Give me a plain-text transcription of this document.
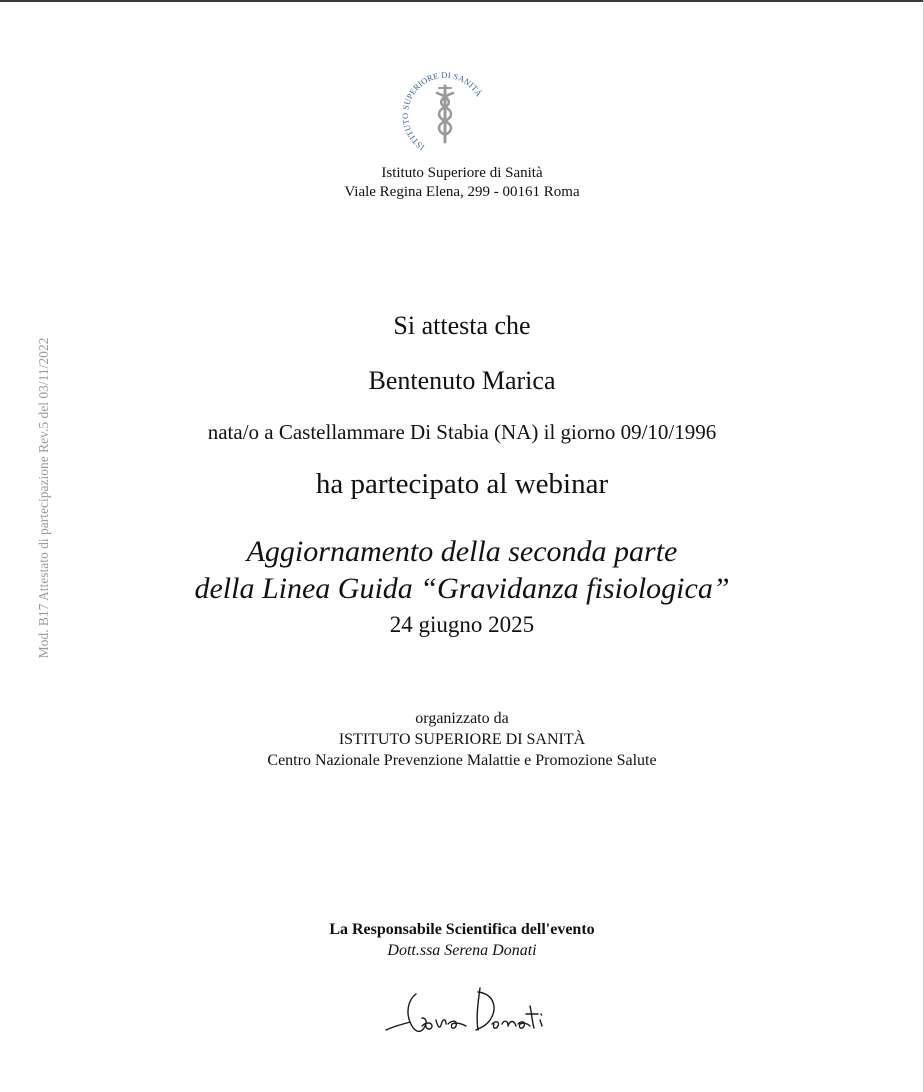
Mod. B17 Attestato di partecipazione Rev.5 del 03/11/2022
ISTITUTO SUPERIORE DI SANITÀ
Istituto Superiore di Sanità
Viale Regina Elena, 299 - 00161 Roma
Si attesta che
Bentenuto Marica
nata/o a Castellammare Di Stabia (NA) il giorno 09/10/1996
ha partecipato al webinar
Aggiornamento della seconda parte
della Linea Guida “Gravidanza fisiologica”
24 giugno 2025
organizzato da
ISTITUTO SUPERIORE DI SANITÀ
Centro Nazionale Prevenzione Malattie e Promozione Salute
La Responsabile Scientifica dell'evento
Dott.ssa Serena Donati
